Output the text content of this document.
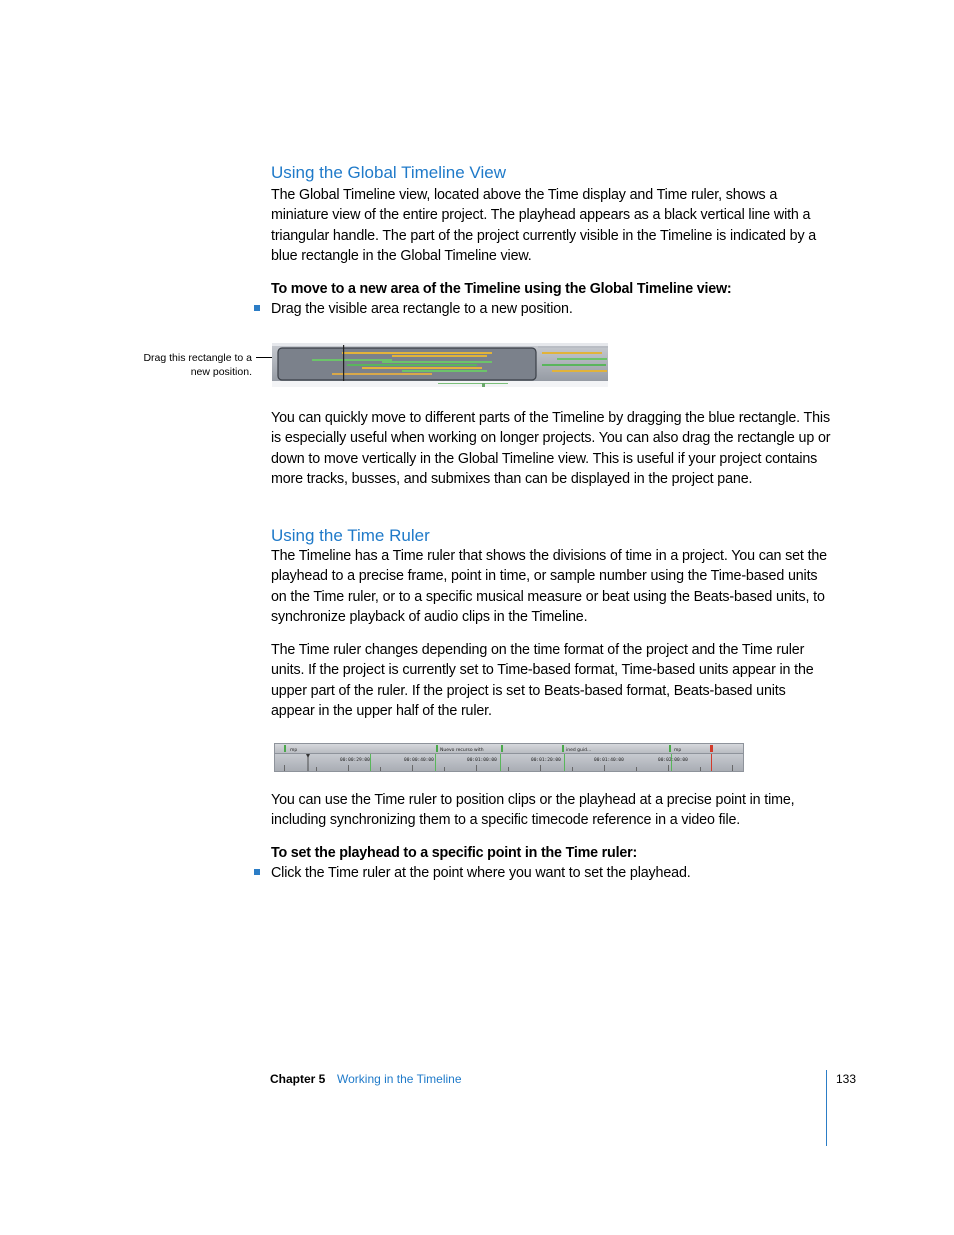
Using the Global Timeline View

The Global Timeline view, located above the Time display and Time ruler, shows a miniature view of the entire project. The playhead appears as a black vertical line with a triangular handle. The part of the project currently visible in the Timeline is indicated by a blue rectangle in the Global Timeline view.

To move to a new area of the Timeline using the Global Timeline view:

Drag the visible area rectangle to a new position.
Drag this rectangle to a new position.

You can quickly move to different parts of the Timeline by dragging the blue rectangle. This is especially useful when working on longer projects. You can also drag the rectangle up or down to move vertically in the Global Timeline view. This is useful if your project contains more tracks, busses, and submixes than can be displayed in the project pane.

Using the Time Ruler

The Timeline has a Time ruler that shows the divisions of time in a project. You can set the playhead to a precise frame, point in time, or sample number using the Time-based units on the Time ruler, or to a specific musical measure or beat using the Beats-based units, to synchronize playback of audio clips in the Timeline.

The Time ruler changes depending on the time format of the project and the Time ruler units. If the project is currently set to Time-based format, Time-based units appear in the upper part of the ruler. If the project is set to Beats-based format, Beats-based units appear in the upper half of the ruler.

mp	Nuevo recurso with	ined guid...	mp
00:00:29:00	00:00:40:00	00:01:00:00	00:01:20:00	00:01:40:00	00:02:00:00

You can use the Time ruler to position clips or the playhead at a precise point in time, including synchronizing them to a specific timecode reference in a video file.

To set the playhead to a specific point in the Time ruler:

Click the Time ruler at the point where you want to set the playhead.
Chapter 5 Working in the Timeline	133
